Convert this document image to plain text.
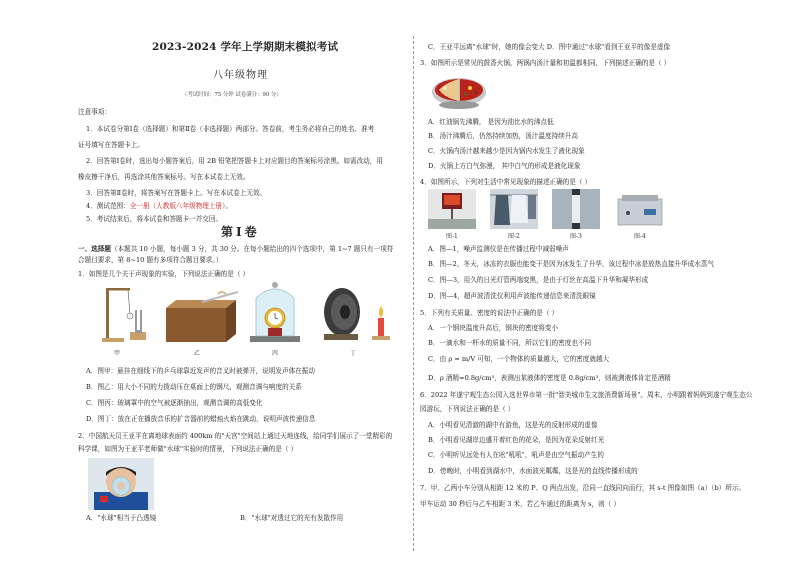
2023-2024 学年上学期期末模拟考试
八年级物理
（考试时间：75 分钟 试卷满分：90 分）
注意事项：
1．本试卷分第Ⅰ卷（选择题）和第Ⅱ卷（非选择题）两部分。答卷前，考生务必将自己的姓名、准考
证号填写在答题卡上。
2．回答第Ⅰ卷时，选出每小题答案后，用 2B 铅笔把答题卡上对应题目的答案标号涂黑。如需改动，用
橡皮擦干净后，再选涂其他答案标号。写在本试卷上无效。
3．回答第Ⅱ卷时，将答案写在答题卡上。写在本试卷上无效。
4．测试范围：全一册（人教版八年级物理上册）。
5．考试结束后，将本试卷和答题卡一并交回。
第Ⅰ卷
一、选择题（本题共 10 小题，每小题 3 分，共 30 分。在每小题给出的四个选项中，第 1~7 题只有一项符
合题目要求，第 8~10 题有多项符合题目要求。）
1．如图是几个关于声现象的实验，下列说法正确的是（ ）
甲	乙	丙	丁
A．图甲：悬挂在细线下的乒乓球靠近发声的音叉时被弹开，说明发声体在振动
B．图乙：用大小不同的力拨动压在桌面上的钢尺，观测音调与响度的关系
C．图丙：玻璃罩中的空气被逐渐抽出，观测音调的高低变化
D．图丁：放在正在播放音乐的扩音器前的蜡烛火焰在跳动，说明声波传递信息
2．中国航天员王亚平在离地球表面约 400km 的"天宫"空间站上通过天地连线，给同学们展示了一堂精彩的
科学课，如图为王亚平老师做"水球"实验时的情景，下列说法正确的是（ ）
A．"水球"相当于凸透镜	B．"水球"对透过它的光有发散作用
C．王亚平远离"水球"时，她的像会变大 D．图中通过"水球"看到王亚平的像是虚像
3．如图所示是常见的鼓香火锅，两锅内汤汁量和初温都相同，下列描述正确的是（ ）
A．红油锅先沸腾， 是因为油比水的沸点低
B．汤汁沸腾后，仍然持续加热，汤汁温度持续升高
C．火锅内汤汁越来越少是因为锅内水发生了液化现象
D．火锅上方白气弥漫， 其中白气的形成是液化现象
4．如图所示，下列对生活中常见现象的描述正确的是（ ）
图-1	图-2	图-3	图-4
A．图—1，噪声监测仪是在传播过程中减弱噪声
B．图—2，冬天，冰冻的衣服也能变干是因为冰发生了升华，该过程中冰是放热直接升华成水蒸气
C．图—3，用久的日光灯管两端变黑，是由于灯丝在高温下升华和凝华形成
D．图—4，超声波清洗仪利用声波能传递信息来清洗眼镜
5．下列有关质量、密度的说法中正确的是（ ）
A．一个钢块温度升高后，钢块的密度将变小
B．一滴水和一杯水的质量不同，所以它们的密度也不同
C．由 ρ = m/V 可知，一个物体的质量越大，它的密度就越大
D．ρ 酒精=0.8g/cm³，表测出某液体的密度是 0.8g/cm³，则被测液体肯定是酒精
6．2022 年遂宁观生态公园入选世界市第一批"智美城市生文旅消费新场景"。周末，小明跟着妈妈到遂宁观生态公
园游玩，下列说法正确的是（ ）
A．小明看见清澈的湖中有游鱼，这是光的反射形成的虚像
B．小明看见湖岸边盛开着红色的花朵，是因为花朵反射红光
C．小明听见远处有人在吆"吼吼"，吼声是由空气振动产生的
D．傍晚时，小明看到湖水中，水面波光粼粼，这是光的直线传播形成的
7．甲、乙两小车分别从相距 12 米的 P、Q 两点出发，沿同一直线同向而行，其 s-t 图像如图（a）（b）所示。
甲车运动 30 秒后与乙车相距 3 米，若乙车通过的距离为 s，则（ ）
